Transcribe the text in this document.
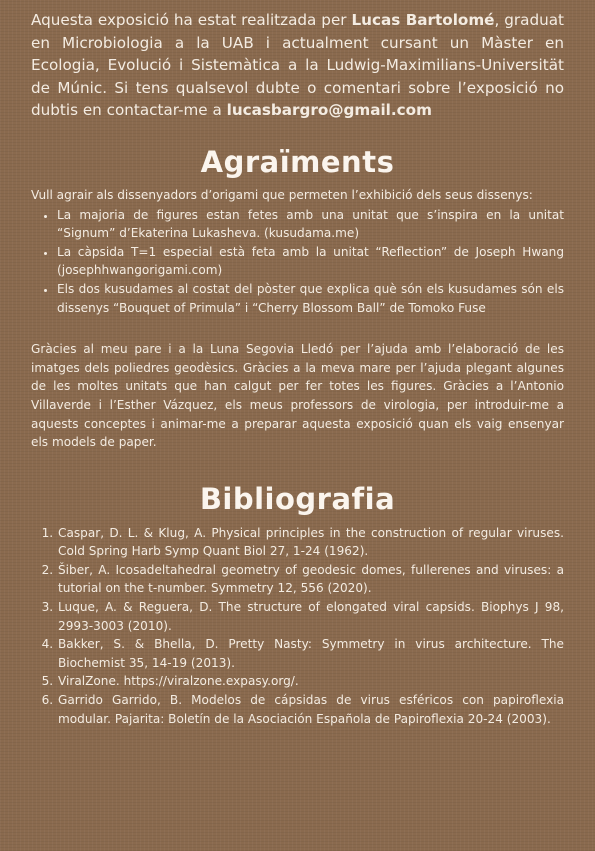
Aquesta exposició ha estat realitzada per Lucas Bartolomé, graduat en Microbiologia a la UAB i actualment cursant un Màster en Ecologia, Evolució i Sistemàtica a la Ludwig-Maximilians-Universität de Múnic. Si tens qualsevol dubte o comentari sobre l’exposició no dubtis en contactar-me a lucasbargro@gmail.com

Agraïments

Vull agrair als dissenyadors d’origami que permeten l’exhibició dels seus dissenys:

• La majoria de figures estan fetes amb una unitat que s’inspira en la unitat “Signum” d’Ekaterina Lukasheva. (kusudama.me)
• La càpsida T=1 especial està feta amb la unitat “Reflection” de Joseph Hwang (josephhwangorigami.com)
• Els dos kusudames al costat del pòster que explica què són els kusudames són els dissenys “Bouquet of Primula” i “Cherry Blossom Ball” de Tomoko Fuse

Gràcies al meu pare i a la Luna Segovia Lledó per l’ajuda amb l’elaboració de les imatges dels poliedres geodèsics. Gràcies a la meva mare per l’ajuda plegant algunes de les moltes unitats que han calgut per fer totes les figures. Gràcies a l’Antonio Villaverde i l’Esther Vázquez, els meus professors de virologia, per introduir-me a aquests conceptes i animar-me a preparar aquesta exposició quan els vaig ensenyar els models de paper.

Bibliografia
1. Caspar, D. L. & Klug, A. Physical principles in the construction of regular viruses. Cold Spring Harb Symp Quant Biol 27, 1-24 (1962).
2. Šiber, A. Icosadeltahedral geometry of geodesic domes, fullerenes and viruses: a tutorial on the t-number. Symmetry 12, 556 (2020).
3. Luque, A. & Reguera, D. The structure of elongated viral capsids. Biophys J 98, 2993-3003 (2010).
4. Bakker, S. & Bhella, D. Pretty Nasty: Symmetry in virus architecture. The Biochemist 35, 14-19 (2013).
5. ViralZone. https://viralzone.expasy.org/.
6. Garrido Garrido, B. Modelos de cápsidas de virus esféricos con papiroflexia modular. Pajarita: Boletín de la Asociación Española de Papiroflexia 20-24 (2003).
